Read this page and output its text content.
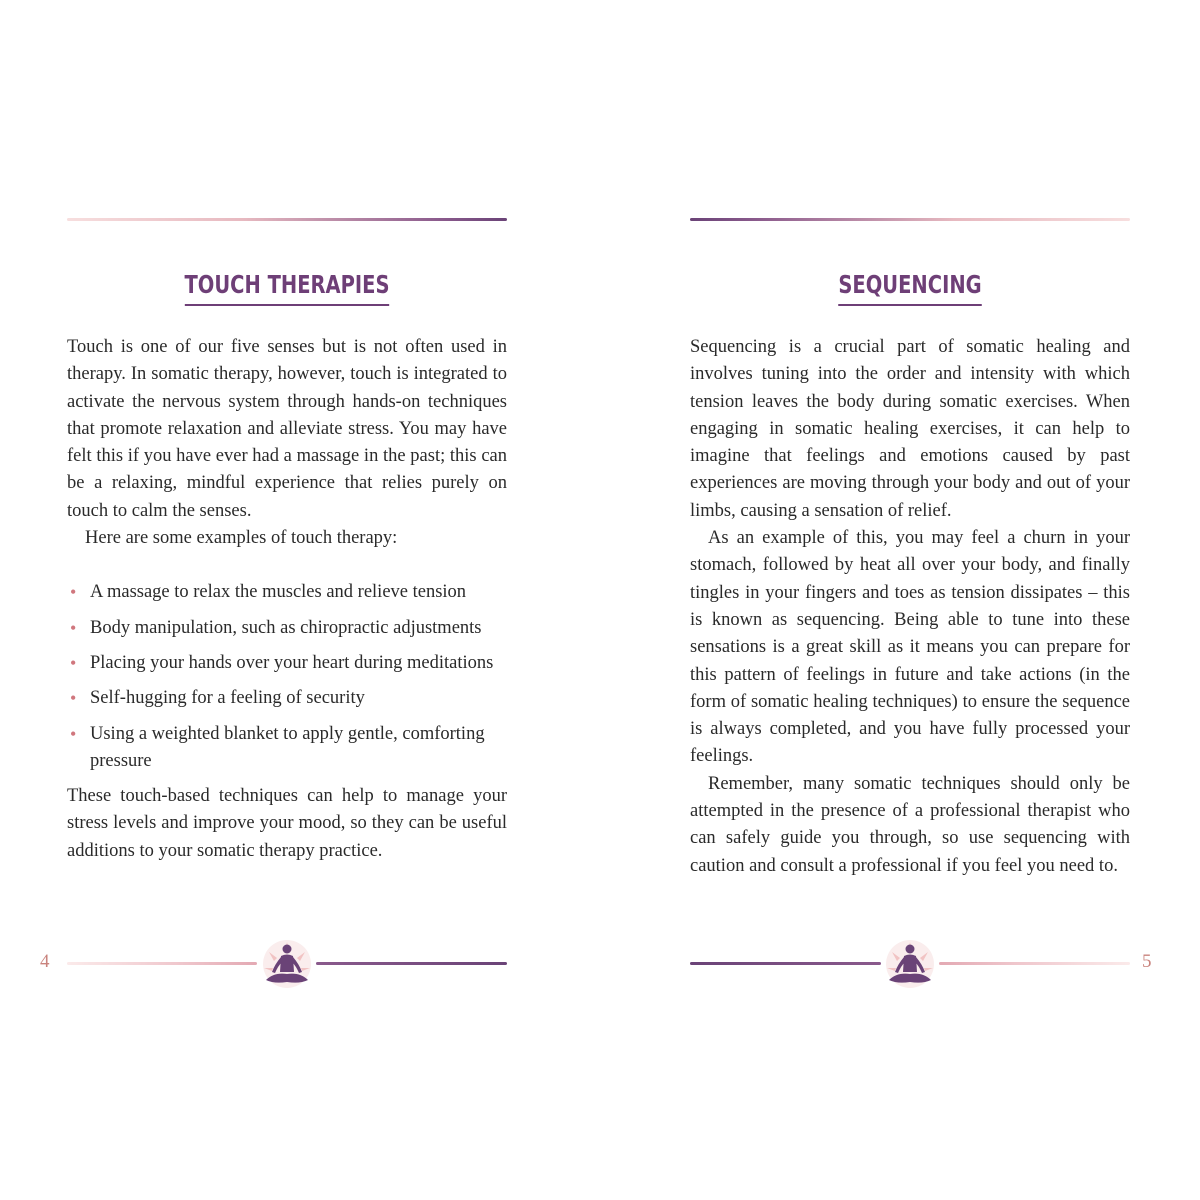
TOUCH THERAPIES

Touch is one of our five senses but is not often used in therapy. In somatic therapy, however, touch is integrated to activate the nervous system through hands-on techniques that promote relaxation and alleviate stress. You may have felt this if you have ever had a massage in the past; this can be a relaxing, mindful experience that relies purely on touch to calm the senses.

Here are some examples of touch therapy:

• A massage to relax the muscles and relieve tension
• Body manipulation, such as chiropractic adjustments
• Placing your hands over your heart during meditations
• Self-hugging for a feeling of security
• Using a weighted blanket to apply gentle, comforting pressure

These touch-based techniques can help to manage your stress levels and improve your mood, so they can be useful additions to your somatic therapy practice.

4
SEQUENCING

Sequencing is a crucial part of somatic healing and involves tuning into the order and intensity with which tension leaves the body during somatic exercises. When engaging in somatic healing exercises, it can help to imagine that feelings and emotions caused by past experiences are moving through your body and out of your limbs, causing a sensation of relief.

As an example of this, you may feel a churn in your stomach, followed by heat all over your body, and finally tingles in your fingers and toes as tension dissipates – this is known as sequencing. Being able to tune into these sensations is a great skill as it means you can prepare for this pattern of feelings in future and take actions (in the form of somatic healing techniques) to ensure the sequence is always completed, and you have fully processed your feelings.

Remember, many somatic techniques should only be attempted in the presence of a professional therapist who can safely guide you through, so use sequencing with caution and consult a professional if you feel you need to.

5
